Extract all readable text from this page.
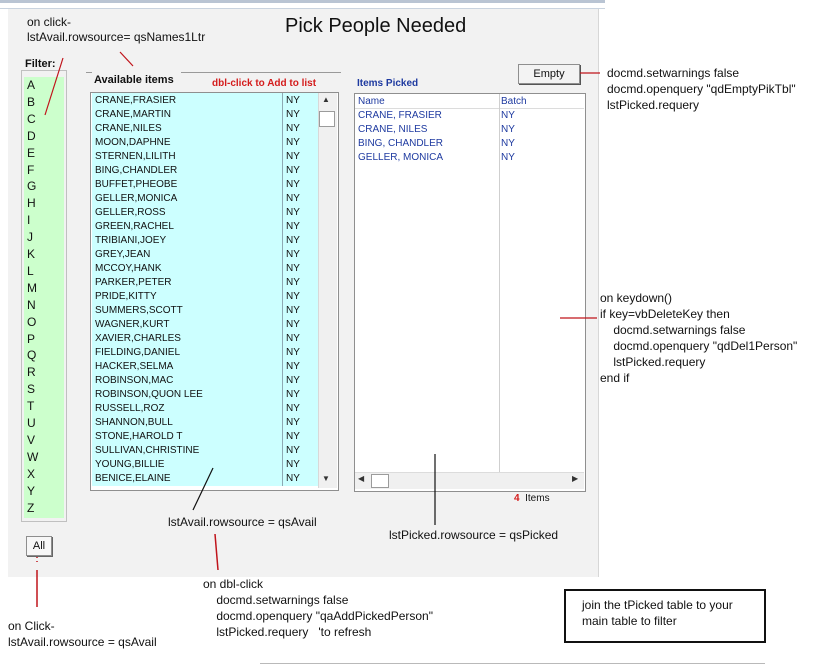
Pick People Needed
Filter:
A
B
C
D
E
F
G
H
I
J
K
L
M
N
O
P
Q
R
S
T
U
V
W
X
Y
Z
All
Available items	dbl-click to Add to list
CRANE,FRASIER	NY
CRANE,MARTIN	NY
CRANE,NILES	NY
MOON,DAPHNE	NY
STERNEN,LILITH	NY
BING,CHANDLER	NY
BUFFET,PHEOBE	NY
GELLER,MONICA	NY
GELLER,ROSS	NY
GREEN,RACHEL	NY
TRIBIANI,JOEY	NY
GREY,JEAN	NY
MCCOY,HANK	NY
PARKER,PETER	NY
PRIDE,KITTY	NY
SUMMERS,SCOTT	NY
WAGNER,KURT	NY
XAVIER,CHARLES	NY
FIELDING,DANIEL	NY
HACKER,SELMA	NY
ROBINSON,MAC	NY
ROBINSON,QUON LEE	NY
RUSSELL,ROZ	NY
SHANNON,BULL	NY
STONE,HAROLD T	NY
SULLIVAN,CHRISTINE	NY
YOUNG,BILLIE	NY
BENICE,ELAINE	NY
▲
▼
Items Picked
Empty
Name	Batch
CRANE, FRASIER	NY
CRANE, NILES	NY
BING, CHANDLER	NY
GELLER, MONICA	NY
◀	▶
4 Items
on click-
lstAvail.rowsource= qsNames1Ltr
docmd.setwarnings false
docmd.openquery "qdEmptyPikTbl"
lstPicked.requery
on keydown()
if key=vbDeleteKey then
docmd.setwarnings false
docmd.openquery "qdDel1Person"
lstPicked.requery
end if
lstAvail.rowsource = qsAvail
lstPicked.rowsource = qsPicked
on dbl-click
docmd.setwarnings false
docmd.openquery "qaAddPickedPerson"
lstPicked.requery   'to refresh
on Click-
lstAvail.rowsource = qsAvail
join the tPicked table to your
main table to filter
